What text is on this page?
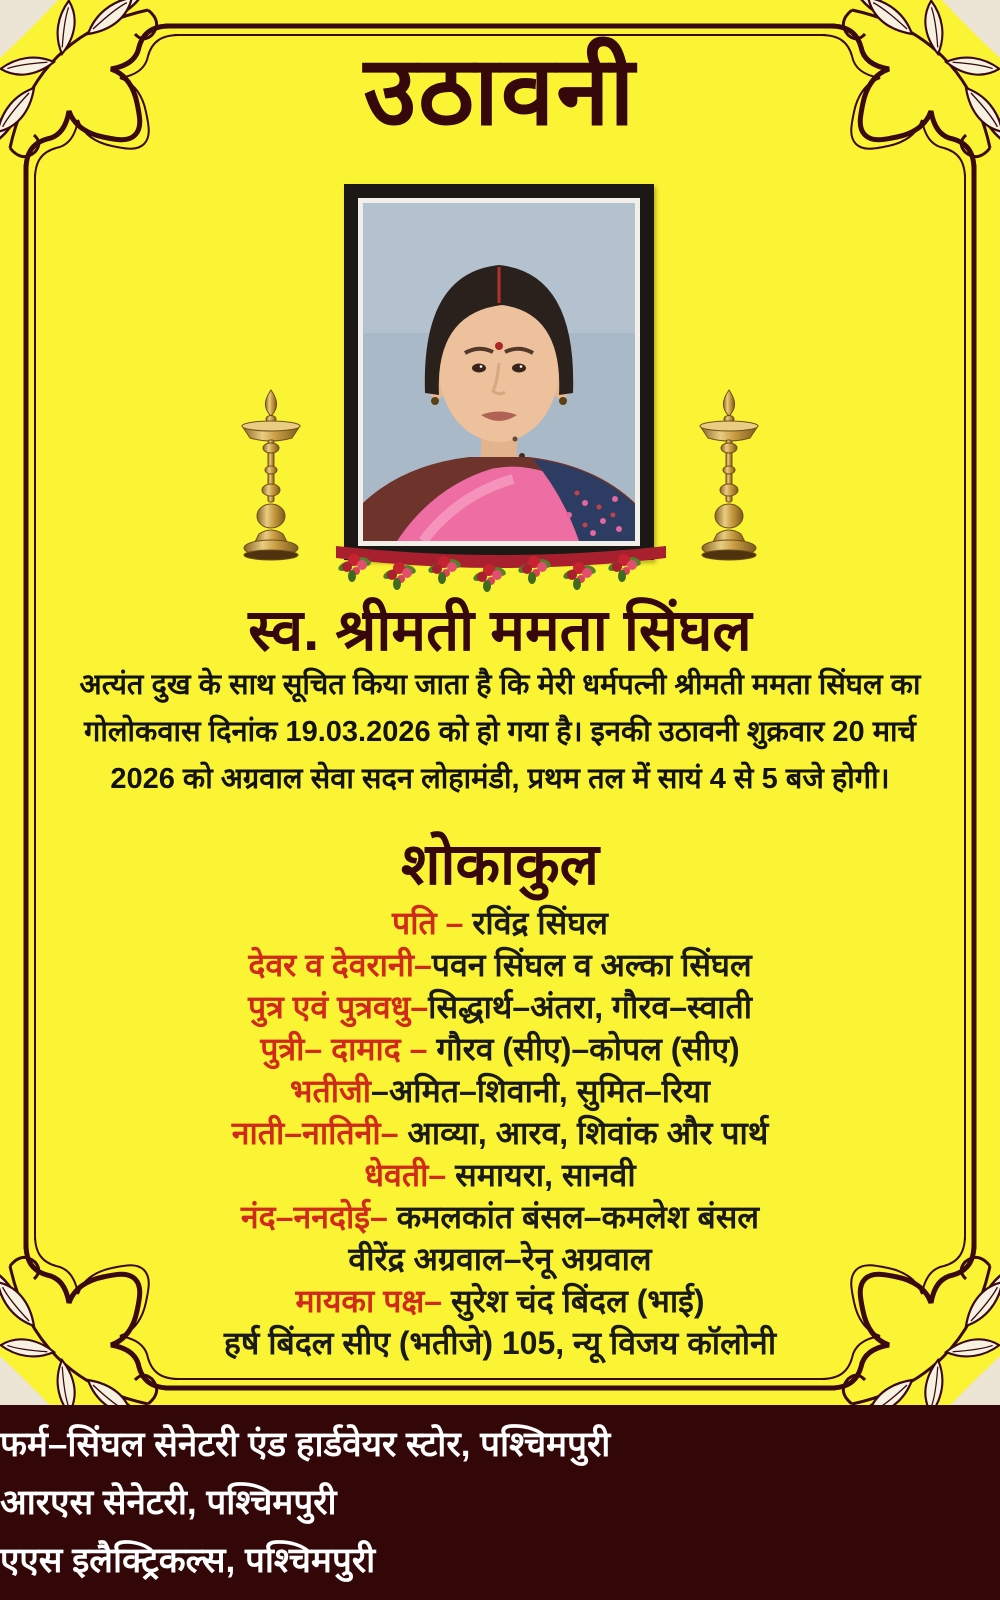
उठावनी
स्व. श्रीमती ममता सिंघल

अत्यंत दुख के साथ सूचित किया जाता है कि मेरी धर्मपत्नी श्रीमती ममता सिंघल का गोलोकवास दिनांक 19.03.2026 को हो गया है। इनकी उठावनी शुक्रवार 20 मार्च 2026 को अग्रवाल सेवा सदन लोहामंडी, प्रथम तल में सायं 4 से 5 बजे होगी।

शोकाकुल
पति – रविंद्र सिंघल
देवर व देवरानी–पवन सिंघल व अल्का सिंघल
पुत्र एवं पुत्रवधु–सिद्धार्थ–अंतरा, गौरव–स्वाती
पुत्री– दामाद – गौरव (सीए)–कोपल (सीए)
भतीजी–अमित–शिवानी, सुमित–रिया
नाती–नातिनी– आव्या, आरव, शिवांक और पार्थ
धेवती– समायरा, सानवी
नंद–ननदोई– कमलकांत बंसल–कमलेश बंसल
वीरेंद्र अग्रवाल–रेनू अग्रवाल
मायका पक्ष– सुरेश चंद बिंदल (भाई)
हर्ष बिंदल सीए (भतीजे) 105, न्यू विजय कॉलोनी
फर्म–सिंघल सेनेटरी एंड हार्डवेयर स्टोर, पश्चिमपुरी
आरएस सेनेटरी, पश्चिमपुरी
एएस इलैक्ट्रिकल्स, पश्चिमपुरी
